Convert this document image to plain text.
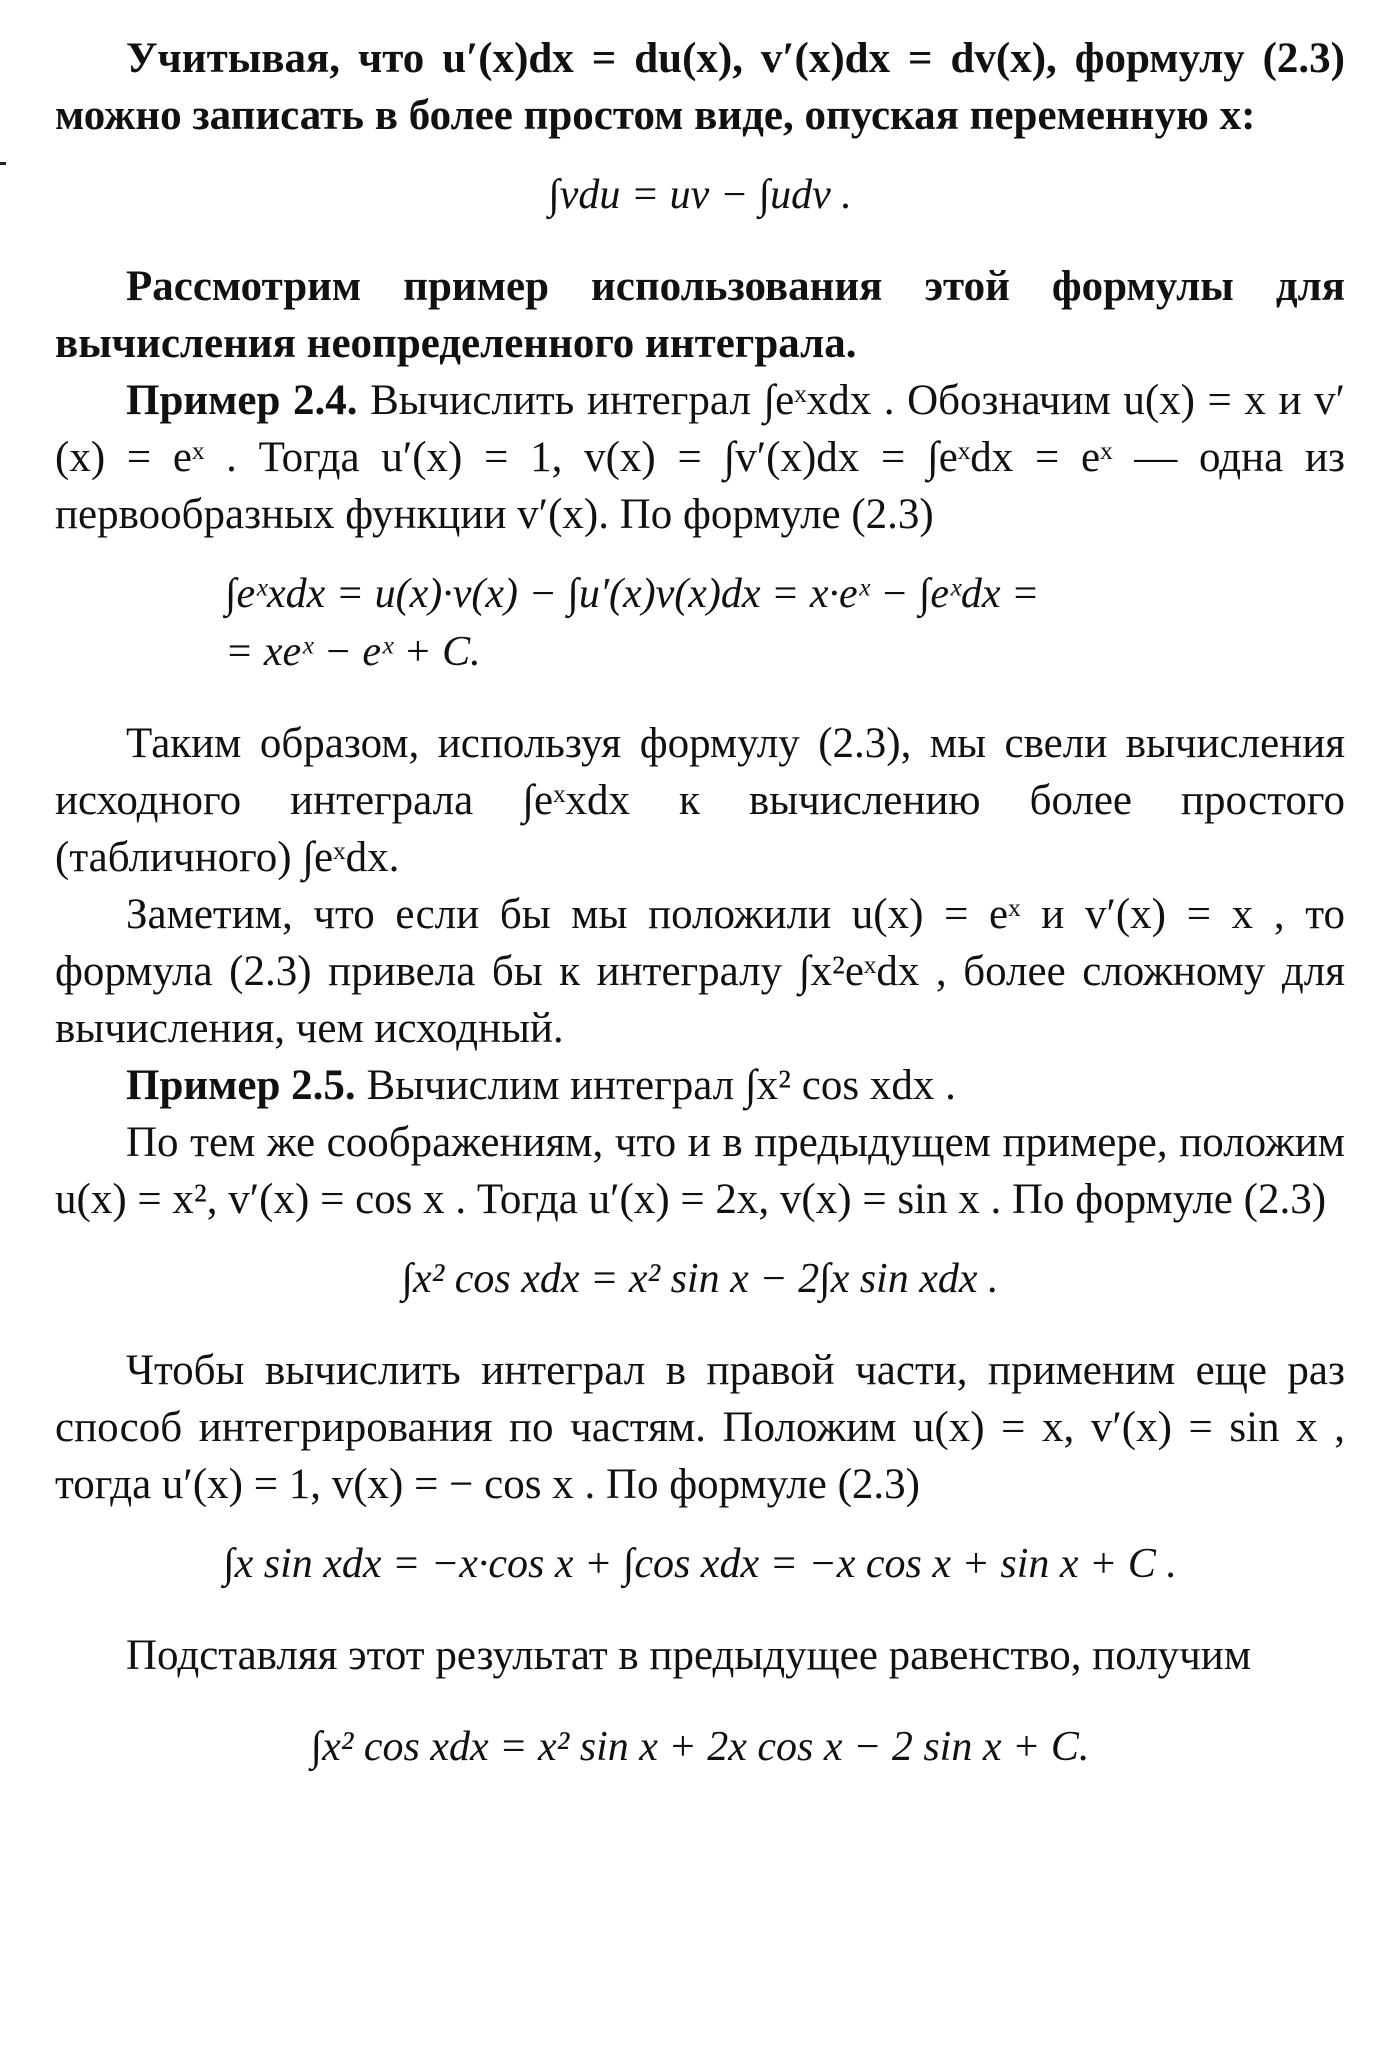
Учитывая, что u′(x)dx = du(x), v′(x)dx = dv(x), формулу (2.3) можно записать в более простом виде, опуская переменную x:

∫vdu = uv − ∫udv .

Рассмотрим пример использования этой формулы для вычисления неопределенного интеграла.

Пример 2.4. Вычислить интеграл ∫eˣxdx . Обозначим u(x) = x и v′(x) = eˣ . Тогда u′(x) = 1, v(x) = ∫v′(x)dx = ∫eˣdx = eˣ — одна из первообразных функции v′(x). По формуле (2.3)

∫eˣxdx = u(x)·v(x) − ∫u′(x)v(x)dx = x·eˣ − ∫eˣdx =

= xeˣ − eˣ + C.

Таким образом, используя формулу (2.3), мы свели вычисления исходного интеграла ∫eˣxdx к вычислению более простого (табличного) ∫eˣdx.

Заметим, что если бы мы положили u(x) = eˣ и v′(x) = x , то формула (2.3) привела бы к интегралу ∫x²eˣdx , более сложному для вычисления, чем исходный.

Пример 2.5. Вычислим интеграл ∫x² cos xdx .

По тем же соображениям, что и в предыдущем примере, положим u(x) = x², v′(x) = cos x . Тогда u′(x) = 2x, v(x) = sin x . По формуле (2.3)

∫x² cos xdx = x² sin x − 2∫x sin xdx .

Чтобы вычислить интеграл в правой части, применим еще раз способ интегрирования по частям. Положим u(x) = x, v′(x) = sin x , тогда u′(x) = 1, v(x) = − cos x . По формуле (2.3)

∫x sin xdx = −x·cos x + ∫cos xdx = −x cos x + sin x + C .

Подставляя этот результат в предыдущее равенство, получим

∫x² cos xdx = x² sin x + 2x cos x − 2 sin x + C.
